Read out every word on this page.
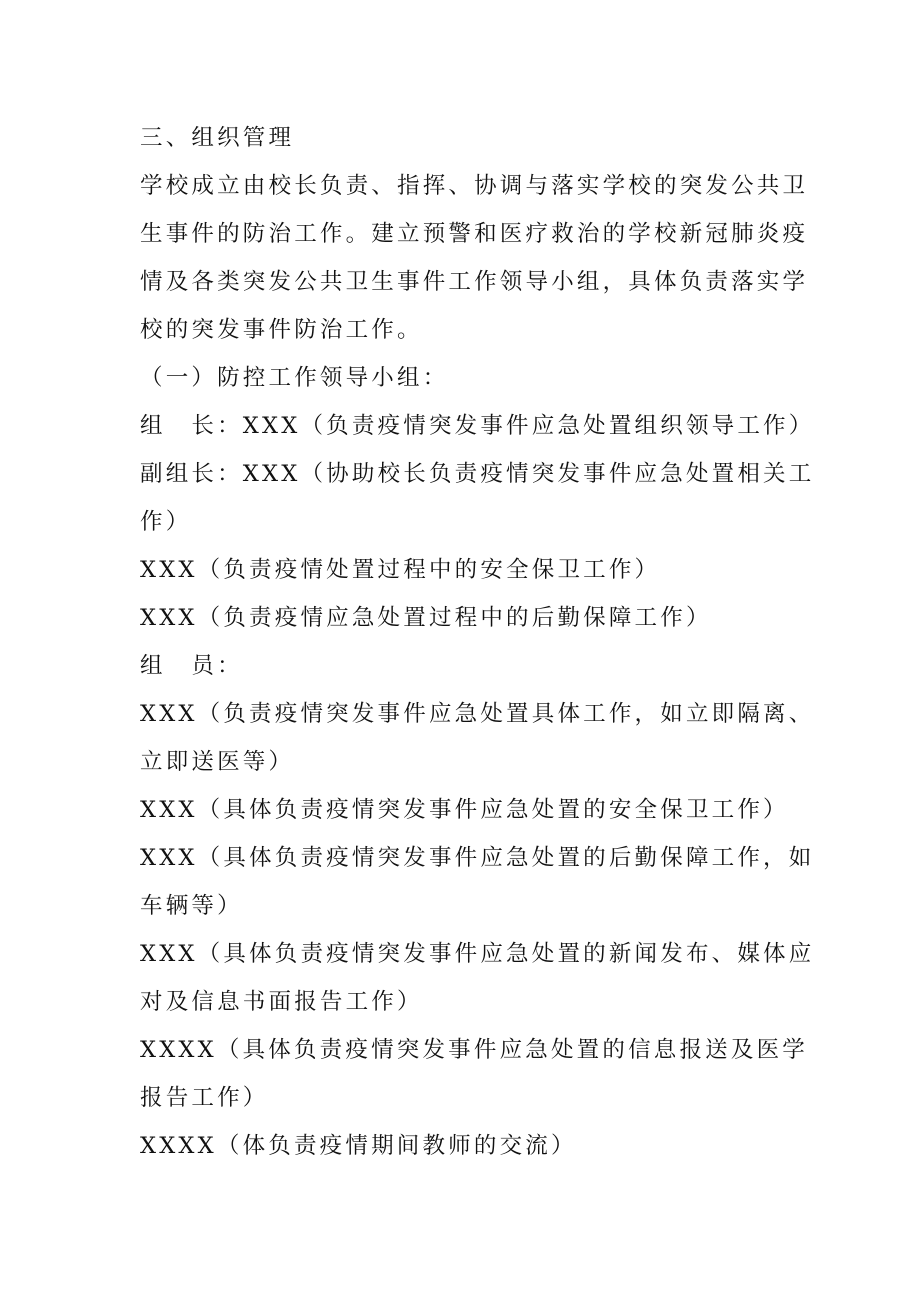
三、组织管理
学校成立由校长负责、指挥、协调与落实学校的突发公共卫
生事件的防治工作。建立预警和医疗救治的学校新冠肺炎疫
情及各类突发公共卫生事件工作领导小组，具体负责落实学
校的突发事件防治工作。
（一）防控工作领导小组：
组　长：XXX（负责疫情突发事件应急处置组织领导工作）
副组长：XXX（协助校长负责疫情突发事件应急处置相关工
作）
XXX（负责疫情处置过程中的安全保卫工作）
XXX（负责疫情应急处置过程中的后勤保障工作）
组　员：
XXX（负责疫情突发事件应急处置具体工作，如立即隔离、
立即送医等）
XXX（具体负责疫情突发事件应急处置的安全保卫工作）
XXX（具体负责疫情突发事件应急处置的后勤保障工作，如
车辆等）
XXX（具体负责疫情突发事件应急处置的新闻发布、媒体应
对及信息书面报告工作）
XXXX（具体负责疫情突发事件应急处置的信息报送及医学
报告工作）
XXXX（体负责疫情期间教师的交流）
